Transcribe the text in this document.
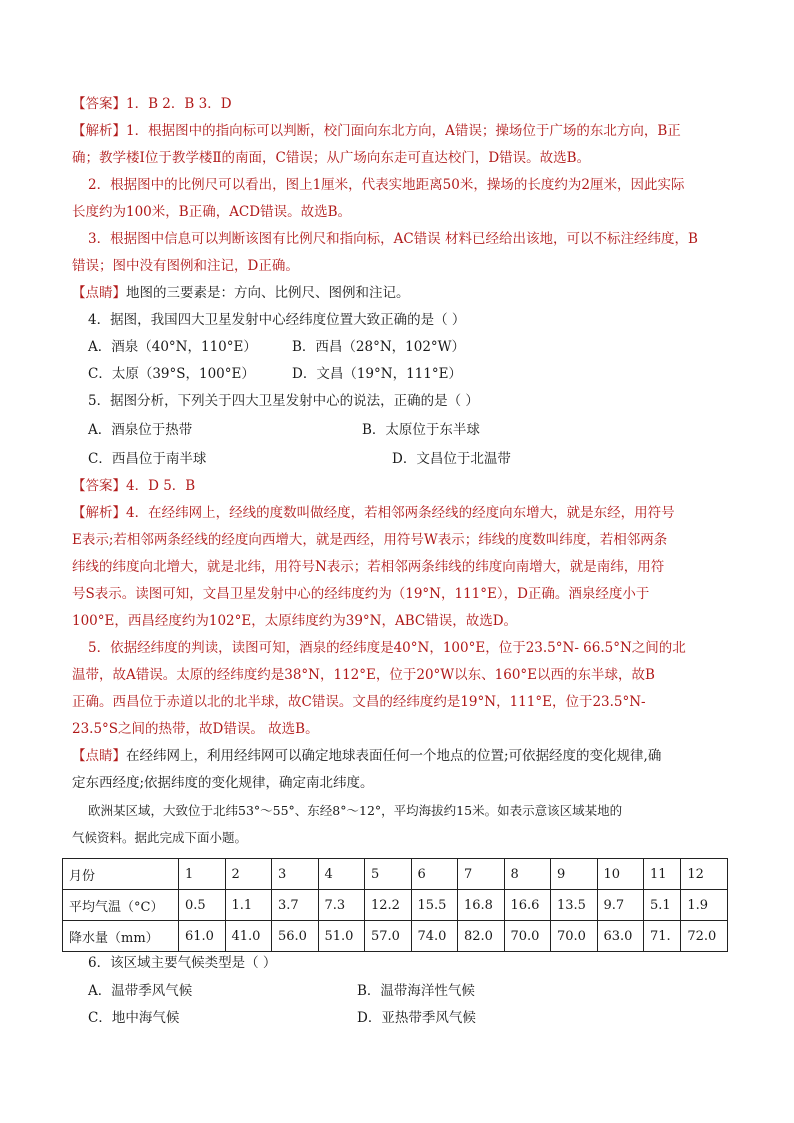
【答案】1．B 2．B 3．D
【解析】1．根据图中的指向标可以判断，校门面向东北方向，A错误；操场位于广场的东北方向，B正
确；教学楼Ⅰ位于教学楼Ⅱ的南面，C错误；从广场向东走可直达校门，D错误。故选B。
2．根据图中的比例尺可以看出，图上1厘米，代表实地距离50米，操场的长度约为2厘米，因此实际
长度约为100米，B正确，ACD错误。故选B。
3．根据图中信息可以判断该图有比例尺和指向标，AC错误 材料已经给出该地，可以不标注经纬度，B
错误；图中没有图例和注记，D正确。
【点睛】地图的三要素是：方向、比例尺、图例和注记。
4．据图，我国四大卫星发射中心经纬度位置大致正确的是（ ）
A．酒泉（40°N，110°E）	B．西昌（28°N，102°W）
C．太原（39°S，100°E）	D．文昌（19°N，111°E）
5．据图分析，下列关于四大卫星发射中心的说法，正确的是（ ）
A．酒泉位于热带	B．太原位于东半球
C．西昌位于南半球	D．文昌位于北温带
【答案】4．D 5．B
【解析】4．在经纬网上，经线的度数叫做经度，若相邻两条经线的经度向东增大，就是东经，用符号
E表示;若相邻两条经线的经度向西增大，就是西经，用符号W表示；纬线的度数叫纬度，若相邻两条
纬线的纬度向北增大，就是北纬，用符号N表示；若相邻两条纬线的纬度向南增大，就是南纬，用符
号S表示。读图可知，文昌卫星发射中心的经纬度约为（19°N，111°E），D正确。酒泉经度小于
100°E，西昌经度约为102°E，太原纬度约为39°N，ABC错误，故选D。
5．依据经纬度的判读，读图可知，酒泉的经纬度是40°N，100°E，位于23.5°N- 66.5°N之间的北
温带，故A错误。太原的经纬度约是38°N，112°E，位于20°W以东、160°E以西的东半球，故B
正确。西昌位于赤道以北的北半球，故C错误。文昌的经纬度约是19°N，111°E，位于23.5°N-
23.5°S之间的热带，故D错误。 故选B。
【点睛】在经纬网上，利用经纬网可以确定地球表面任何一个地点的位置;可依据经度的变化规律,确
定东西经度;依据纬度的变化规律，确定南北纬度。
欧洲某区域，大致位于北纬53°～55°、东经8°～12°，平均海拔约15米。如表示意该区域某地的
气候资料。据此完成下面小题。
月份	1	2	3	4	5	6	7	8	9	10	11	12
平均气温（°C）	0.5	1.1	3.7	7.3	12.2	15.5	16.8	16.6	13.5	9.7	5.1	1.9
降水量（mm）	61.0	41.0	56.0	51.0	57.0	74.0	82.0	70.0	70.0	63.0	71.	72.0
6．该区域主要气候类型是（ ）
A．温带季风气候	B．温带海洋性气候
C．地中海气候	D．亚热带季风气候
